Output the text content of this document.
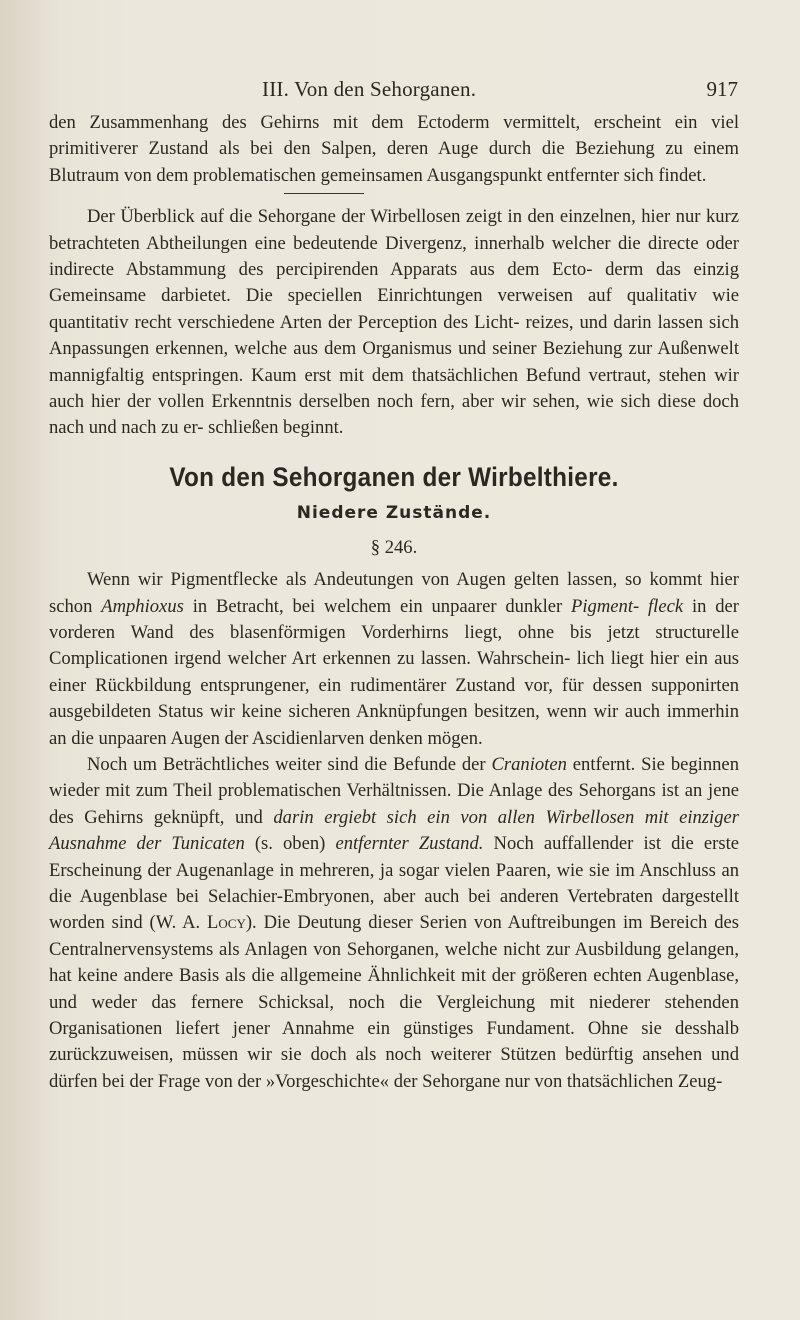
III. Von den Sehorganen.	917

den Zusammenhang des Gehirns mit dem Ectoderm vermittelt, erscheint ein viel primitiverer Zustand als bei den Salpen, deren Auge durch die Beziehung zu einem Blutraum von dem problematischen gemeinsamen Ausgangspunkt entfernter sich findet.

Der Überblick auf die Sehorgane der Wirbellosen zeigt in den einzelnen, hier nur kurz betrachteten Abtheilungen eine bedeutende Divergenz, innerhalb welcher die directe oder indirecte Abstammung des percipirenden Apparats aus dem Ecto- derm das einzig Gemeinsame darbietet. Die speciellen Einrichtungen verweisen auf qualitativ wie quantitativ recht verschiedene Arten der Perception des Licht- reizes, und darin lassen sich Anpassungen erkennen, welche aus dem Organismus und seiner Beziehung zur Außenwelt mannigfaltig entspringen. Kaum erst mit dem thatsächlichen Befund vertraut, stehen wir auch hier der vollen Erkenntnis derselben noch fern, aber wir sehen, wie sich diese doch nach und nach zu er- schließen beginnt.

Von den Sehorganen der Wirbelthiere.
Niedere Zustände.
§ 246.

Wenn wir Pigmentflecke als Andeutungen von Augen gelten lassen, so kommt hier schon Amphioxus in Betracht, bei welchem ein unpaarer dunkler Pigment- fleck in der vorderen Wand des blasenförmigen Vorderhirns liegt, ohne bis jetzt structurelle Complicationen irgend welcher Art erkennen zu lassen. Wahrschein- lich liegt hier ein aus einer Rückbildung entsprungener, ein rudimentärer Zustand vor, für dessen supponirten ausgebildeten Status wir keine sicheren Anknüpfungen besitzen, wenn wir auch immerhin an die unpaaren Augen der Ascidienlarven denken mögen.

Noch um Beträchtliches weiter sind die Befunde der Cranioten entfernt. Sie beginnen wieder mit zum Theil problematischen Verhältnissen. Die Anlage des Sehorgans ist an jene des Gehirns geknüpft, und darin ergiebt sich ein von allen Wirbellosen mit einziger Ausnahme der Tunicaten (s. oben) entfernter Zustand. Noch auffallender ist die erste Erscheinung der Augenanlage in mehreren, ja sogar vielen Paaren, wie sie im Anschluss an die Augenblase bei Selachier-Embryonen, aber auch bei anderen Vertebraten dargestellt worden sind (W. A. Locy). Die Deutung dieser Serien von Auftreibungen im Bereich des Centralnervensystems als Anlagen von Sehorganen, welche nicht zur Ausbildung gelangen, hat keine andere Basis als die allgemeine Ähnlichkeit mit der größeren echten Augenblase, und weder das fernere Schicksal, noch die Vergleichung mit niederer stehenden Organisationen liefert jener Annahme ein günstiges Fundament. Ohne sie desshalb zurückzuweisen, müssen wir sie doch als noch weiterer Stützen bedürftig ansehen und dürfen bei der Frage von der »Vorgeschichte« der Sehorgane nur von thatsächlichen Zeug-
